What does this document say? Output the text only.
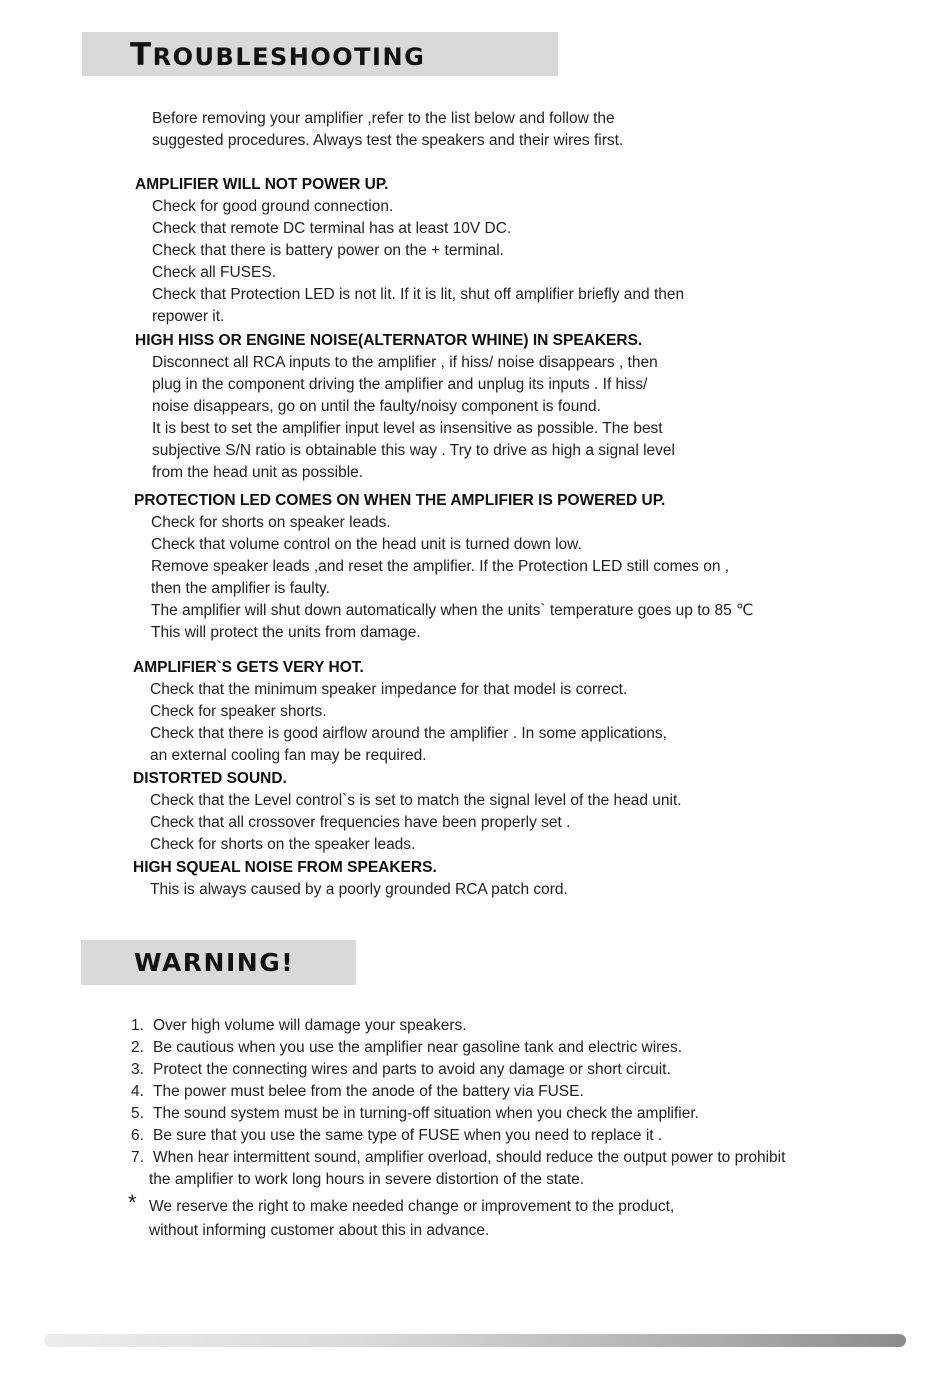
TROUBLESHOOTING

Before removing your amplifier ,refer to the list below and follow the
suggested procedures. Always test the speakers and their wires first.

AMPLIFIER WILL NOT POWER UP.
Check for good ground connection.
Check that remote DC terminal has at least 10V DC.
Check that there is battery power on the + terminal.
Check all FUSES.
Check that Protection LED is not lit. If it is lit, shut off amplifier briefly and then
repower it.
HIGH HISS OR ENGINE NOISE(ALTERNATOR WHINE) IN SPEAKERS.
Disconnect all RCA inputs to the amplifier , if hiss/ noise disappears , then
plug in the component driving the amplifier and unplug its inputs . If hiss/
noise disappears, go on until the faulty/noisy component is found.
It is best to set the amplifier input level as insensitive as possible. The best
subjective S/N ratio is obtainable this way . Try to drive as high a signal level
from the head unit as possible.
PROTECTION LED COMES ON WHEN THE AMPLIFIER IS POWERED UP.
Check for shorts on speaker leads.
Check that volume control on the head unit is turned down low.
Remove speaker leads ,and reset the amplifier. If the Protection LED still comes on ,
then the amplifier is faulty.
The amplifier will shut down automatically when the units` temperature goes up to 85 ℃
This will protect the units from damage.
AMPLIFIER`S GETS VERY HOT.
Check that the minimum speaker impedance for that model is correct.
Check for speaker shorts.
Check that there is good airflow around the amplifier . In some applications,
an external cooling fan may be required.
DISTORTED SOUND.
Check that the Level control`s is set to match the signal level of the head unit.
Check that all crossover frequencies have been properly set .
Check for shorts on the speaker leads.
HIGH SQUEAL NOISE FROM SPEAKERS.
This is always caused by a poorly grounded RCA patch cord.
WARNING!
1. Over high volume will damage your speakers.
2. Be cautious when you use the amplifier near gasoline tank and electric wires.
3. Protect the connecting wires and parts to avoid any damage or short circuit.
4. The power must belee from the anode of the battery via FUSE.
5. The sound system must be in turning-off situation when you check the amplifier.
6. Be sure that you use the same type of FUSE when you need to replace it .
7. When hear intermittent sound, amplifier overload, should reduce the output power to prohibit
the amplifier to work long hours in severe distortion of the state.
* We reserve the right to make needed change or improvement to the product,
without informing customer about this in advance.
